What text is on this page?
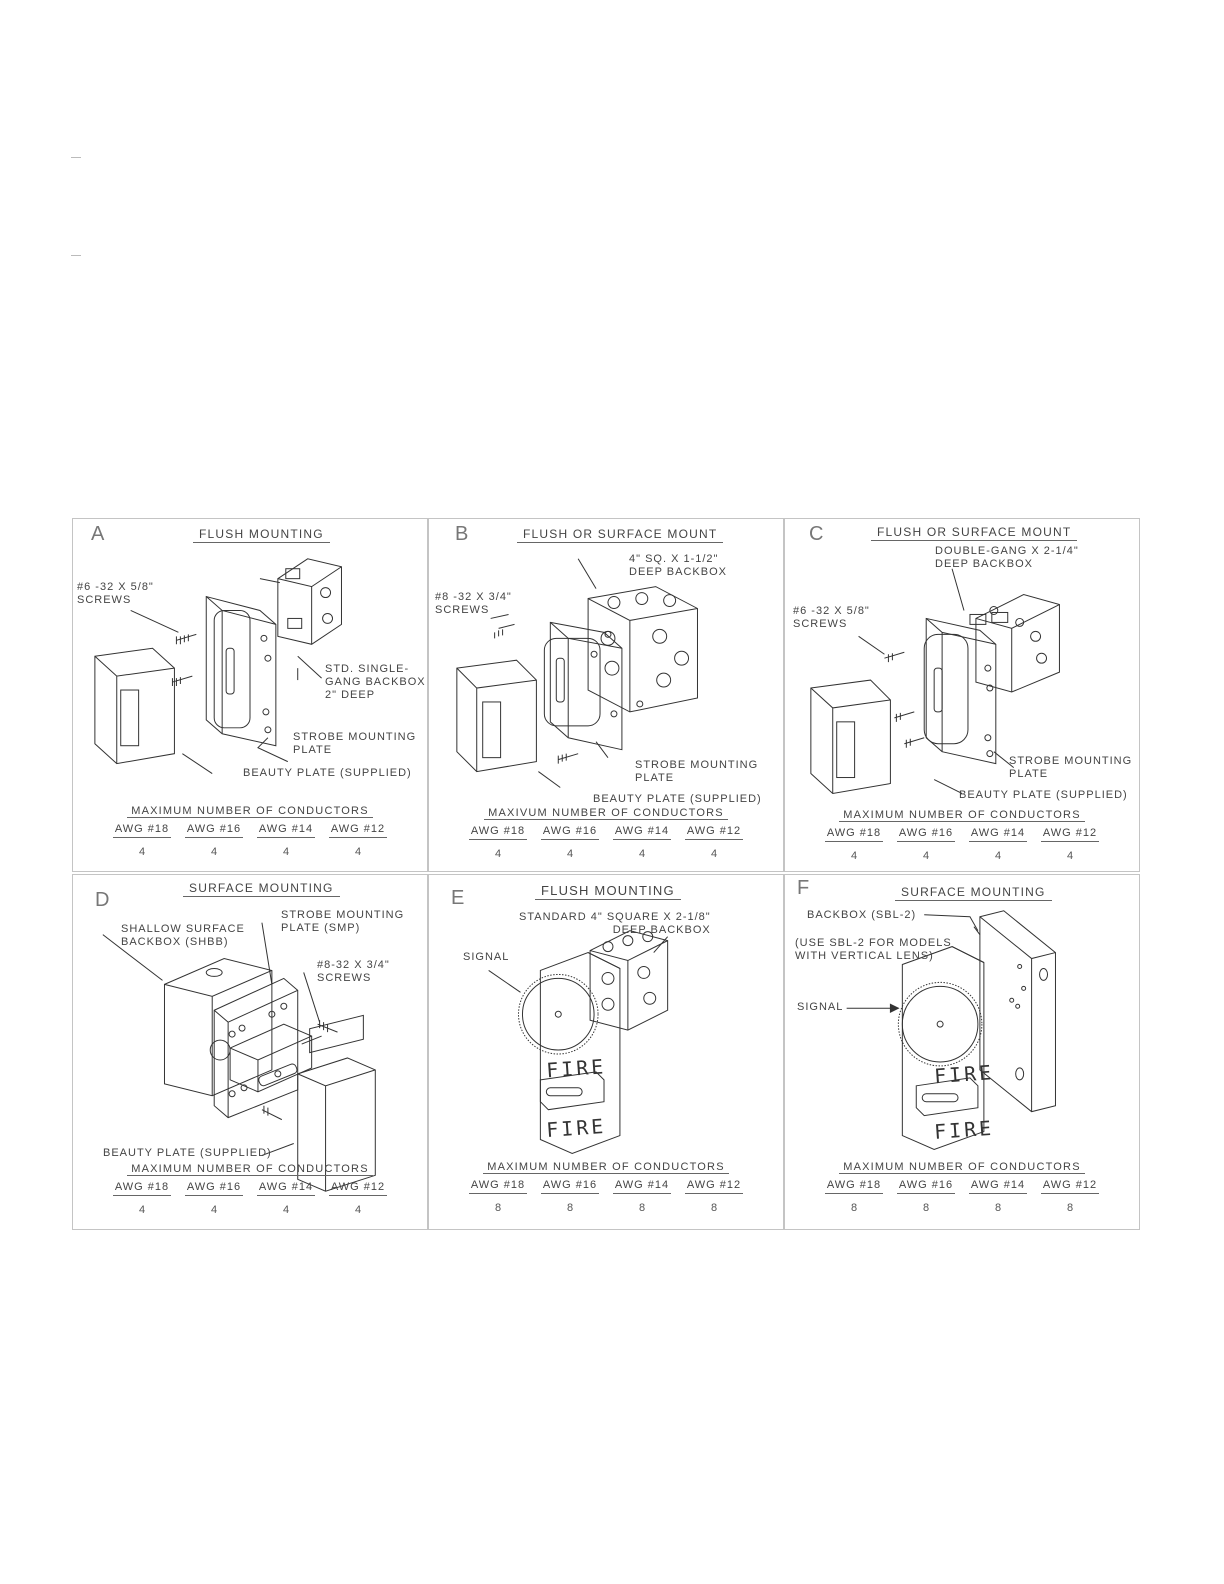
A	FLUSH MOUNTING
#6 -32 X 5/8"
SCREWS
STD. SINGLE-
GANG BACKBOX
2" DEEP
STROBE MOUNTING
PLATE
BEAUTY PLATE (SUPPLIED)
MAXIMUM NUMBER OF CONDUCTORS
AWG #18
4
AWG #16
4
AWG #14
4
AWG #12
4
B	FLUSH OR SURFACE MOUNT
4" SQ. X 1-1/2"
DEEP BACKBOX
#8 -32 X 3/4"
SCREWS
STROBE MOUNTING
PLATE
BEAUTY PLATE (SUPPLIED)
MAXIVUM NUMBER OF CONDUCTORS
AWG #18
4
AWG #16
4
AWG #14
4
AWG #12
4
C	FLUSH OR SURFACE MOUNT
DOUBLE-GANG X 2-1/4"
DEEP BACKBOX
#6 -32 X 5/8"
SCREWS
STROBE MOUNTING
PLATE
BEAUTY PLATE (SUPPLIED)
MAXIMUM NUMBER OF CONDUCTORS
AWG #18
4
AWG #16
4
AWG #14
4
AWG #12
4
D
SURFACE MOUNTING
SHALLOW SURFACE
BACKBOX (SHBB)
STROBE MOUNTING
PLATE (SMP)
#8-32 X 3/4"
SCREWS
BEAUTY PLATE (SUPPLIED)
MAXIMUM NUMBER OF CONDUCTORS
AWG #18
4
AWG #16
4
AWG #14
4
AWG #12
4
FIRE
FIRE
E	FLUSH MOUNTING
STANDARD 4" SQUARE X 2-1/8"
DEEP BACKBOX
SIGNAL
MAXIMUM NUMBER OF CONDUCTORS
AWG #18
8
AWG #16
8
AWG #14
8
AWG #12
8
FIRE
FIRE
F	SURFACE MOUNTING
BACKBOX (SBL-2)
(USE SBL-2 FOR MODELS
WITH VERTICAL LENS)
SIGNAL
MAXIMUM NUMBER OF CONDUCTORS
AWG #18
8
AWG #16
8
AWG #14
8
AWG #12
8
